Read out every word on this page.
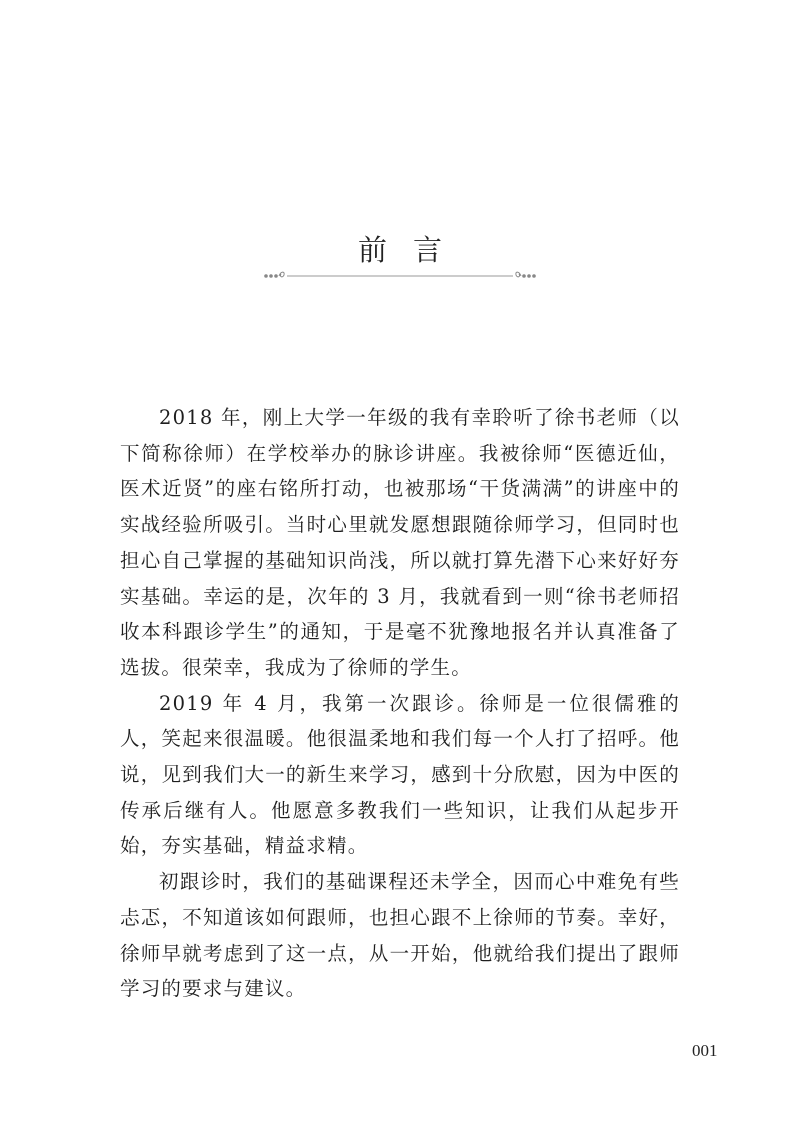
前言

2018 年，刚上大学一年级的我有幸聆听了徐书老师（以下简称徐师）在学校举办的脉诊讲座。我被徐师“医德近仙，医术近贤”的座右铭所打动，也被那场“干货满满”的讲座中的实战经验所吸引。当时心里就发愿想跟随徐师学习，但同时也担心自己掌握的基础知识尚浅，所以就打算先潜下心来好好夯实基础。幸运的是，次年的 3 月，我就看到一则“徐书老师招收本科跟诊学生”的通知，于是毫不犹豫地报名并认真准备了选拔。很荣幸，我成为了徐师的学生。

2019 年 4 月，我第一次跟诊。徐师是一位很儒雅的人，笑起来很温暖。他很温柔地和我们每一个人打了招呼。他说，见到我们大一的新生来学习，感到十分欣慰，因为中医的传承后继有人。他愿意多教我们一些知识，让我们从起步开始，夯实基础，精益求精。

初跟诊时，我们的基础课程还未学全，因而心中难免有些忐忑，不知道该如何跟师，也担心跟不上徐师的节奏。幸好，徐师早就考虑到了这一点，从一开始，他就给我们提出了跟师学习的要求与建议。

001
